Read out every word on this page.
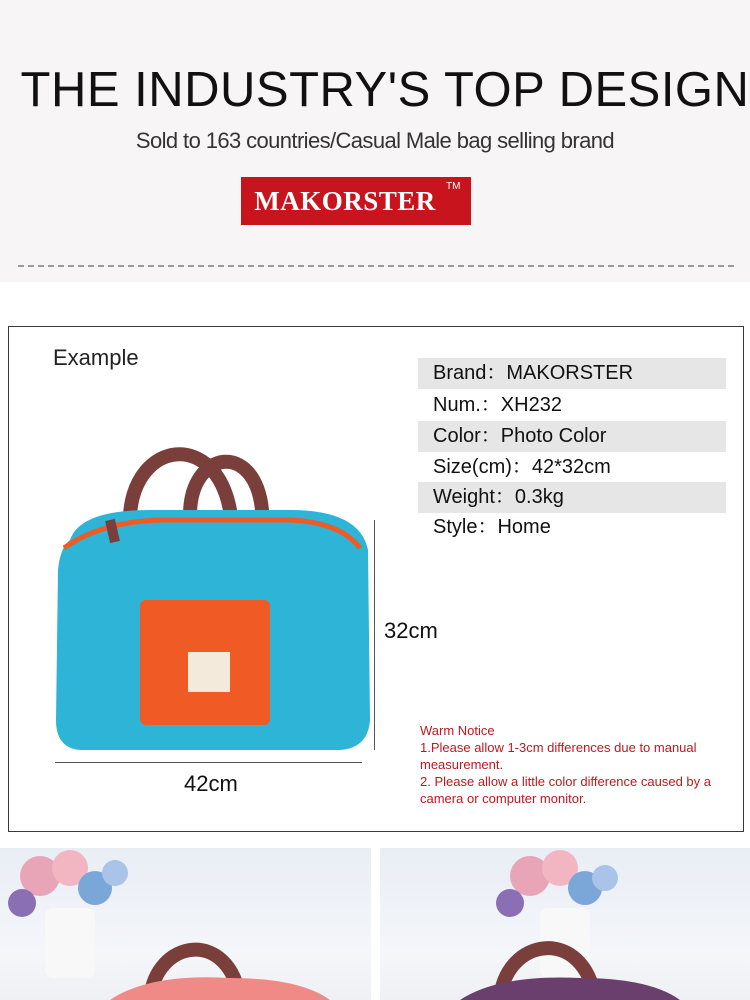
THE INDUSTRY'S TOP DESIGN
Sold to 163 countries/Casual Male bag selling brand
MAKORSTER	TM
Example
Brand：MAKORSTER
Num.：XH232
Color：Photo Color
Size(cm)：42*32cm
Weight：0.3kg
Style：Home
32cm
42cm
Warm Notice
1.Please allow 1-3cm differences due to manual measurement.
2. Please allow a little color difference caused by a camera or computer monitor.
